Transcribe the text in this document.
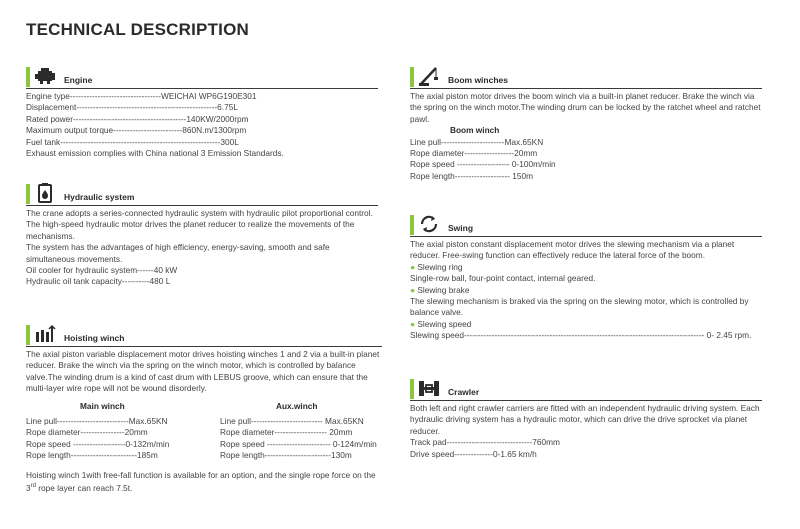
TECHNICAL DESCRIPTION
Engine
Engine type---------------------------------WEICHAI WP6G190E301
Displacement---------------------------------------------------6.75L
Rated power-----------------------------------------140KW/2000rpm
Maximum output torque-------------------------860N.m/1300rpm
Fuel tank----------------------------------------------------------300L
Exhaust emission complies with China national 3 Emission Standards.
Hydraulic system
The crane adopts a series-connected hydraulic system with hydraulic pilot proportional control. The high-speed hydraulic motor drives the planet reducer to realize the movements of the mechanisms.
The system has the advantages of high efficiency, energy-saving, smooth and safe simultaneous movements.
Oil cooler for hydraulic system------40 kW
Hydraulic oil tank capacity----------480 L
Hoisting winch
The axial piston variable displacement motor drives hoisting winches 1 and 2 via a built-in planet reducer. Brake the winch via the spring on the winch motor, which is controlled by balance valve.The winding drum is a kind of cast drum with LEBUS groove, which can ensure that the multi-layer wire rope will not be wound disorderly.
Main winch
Line pull--------------------------Max.65KN
Rope diameter----------------20mm
Rope speed -------------------0-132m/min
Rope length------------------------185m
Aux.winch
Line pull-------------------------- Max.65KN
Rope diameter------------------- 20mm
Rope speed ----------------------- 0-124m/min
Rope length------------------------130m
Hoisting winch 1with free-fall function is available for an option, and the single rope force on the 3rd rope layer can reach 7.5t.
Boom winches
The axial piston motor drives the boom winch via a built-in planet reducer. Brake the winch via the spring on the winch motor.The winding drum can be locked by the ratchet wheel and ratchet pawl.
Boom winch
Line pull-----------------------Max.65KN
Rope diameter------------------20mm
Rope speed ------------------- 0-100m/min
Rope length-------------------- 150m
Swing
The axial piston constant displacement motor drives the slewing mechanism via a planet reducer. Free-swing function can effectively reduce the lateral force of the boom.
● Slewing ring
Single-row ball, four-point contact, internal geared.
● Slewing brake
The slewing mechanism is braked via the spring on the slewing motor, which is controlled by balance valve.
● Slewing speed
Slewing speed--------------------------------------------------------------------------------------- 0- 2.45 rpm.
Crawler
Both left and right crawler carriers are fitted with an independent hydraulic driving system. Each hydraulic driving system has a hydraulic motor, which can drive the drive sprocket via planet reducer.
Track pad-------------------------------760mm
Drive speed--------------0-1.65 km/h
